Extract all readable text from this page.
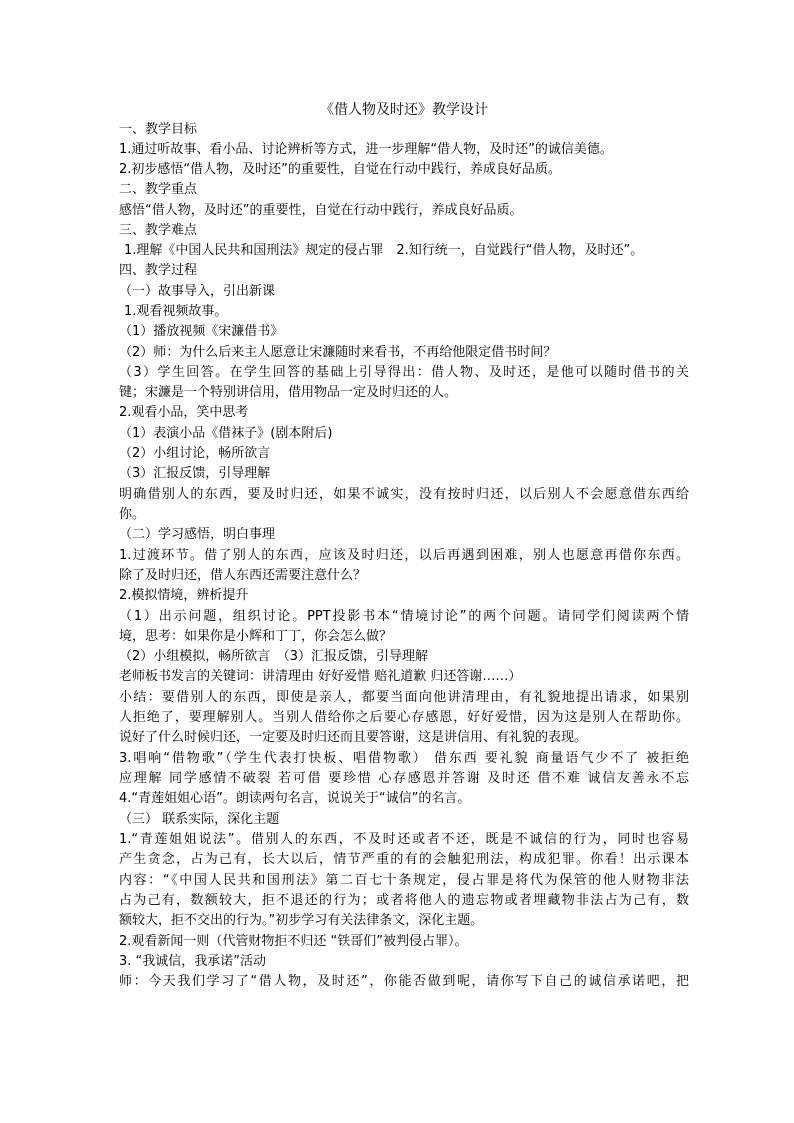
《借人物及时还》教学设计
一、教学目标
1.通过听故事、看小品、讨论辨析等方式，进一步理解“借人物，及时还”的诚信美德。
2.初步感悟“借人物，及时还”的重要性，自觉在行动中践行，养成良好品质。
二、教学重点
感悟“借人物，及时还”的重要性，自觉在行动中践行，养成良好品质。
三、教学难点
1.理解《中国人民共和国刑法》规定的侵占罪　2.知行统一，自觉践行“借人物，及时还”。
四、教学过程
（一）故事导入，引出新课
1.观看视频故事。
（1）播放视频《宋濂借书》
（2）师：为什么后来主人愿意让宋濂随时来看书，不再给他限定借书时间？
（3）学生回答。在学生回答的基础上引导得出：借人物、及时还，是他可以随时借书的关
键；宋濂是一个特别讲信用，借用物品一定及时归还的人。
2.观看小品，笑中思考
（1）表演小品《借袜子》(剧本附后)
（2）小组讨论，畅所欲言
（3）汇报反馈，引导理解
明确借别人的东西，要及时归还，如果不诚实，没有按时归还，以后别人不会愿意借东西给
你。
（二）学习感悟，明白事理
1.过渡环节。借了别人的东西，应该及时归还，以后再遇到困难，别人也愿意再借你东西。
除了及时归还，借人东西还需要注意什么？
2.模拟情境，辨析提升
（1）出示问题，组织讨论。PPT投影书本“情境讨论”的两个问题。请同学们阅读两个情
境，思考：如果你是小辉和丁丁，你会怎么做？
（2）小组模拟，畅所欲言　（3）汇报反馈，引导理解
老师板书发言的关键词：讲清理由 好好爱惜 赔礼道歉 归还答谢……）
小结：要借别人的东西，即使是亲人，都要当面向他讲清理由，有礼貌地提出请求，如果别
人拒绝了，要理解别人。当别人借给你之后要心存感恩，好好爱惜，因为这是别人在帮助你。
说好了什么时候归还，一定要及时归还而且要答谢，这是讲信用、有礼貌的表现。
3.唱响“借物歌”（学生代表打快板、唱借物歌） 借东西 要礼貌 商量语气少不了 被拒绝
应理解 同学感情不破裂 若可借 要珍惜 心存感恩并答谢 及时还 借不难 诚信友善永不忘
4.“青莲姐姐心语”。朗读两句名言，说说关于“诚信”的名言。
（三） 联系实际，深化主题
1.“青莲姐姐说法”。借别人的东西，不及时还或者不还，既是不诚信的行为，同时也容易
产生贪念，占为己有，长大以后，情节严重的有的会触犯刑法，构成犯罪。你看！出示课本
内容：“《中国人民共和国刑法》第二百七十条规定，侵占罪是将代为保管的他人财物非法
占为己有，数额较大，拒不退还的行为；或者将他人的遗忘物或者埋藏物非法占为己有，数
额较大，拒不交出的行为。”初步学习有关法律条文，深化主题。
2.观看新闻一则（代管财物拒不归还 “铁哥们”被判侵占罪）。
3. “我诚信，我承诺”活动
师：今天我们学习了“借人物，及时还”，你能否做到呢，请你写下自己的诚信承诺吧，把
